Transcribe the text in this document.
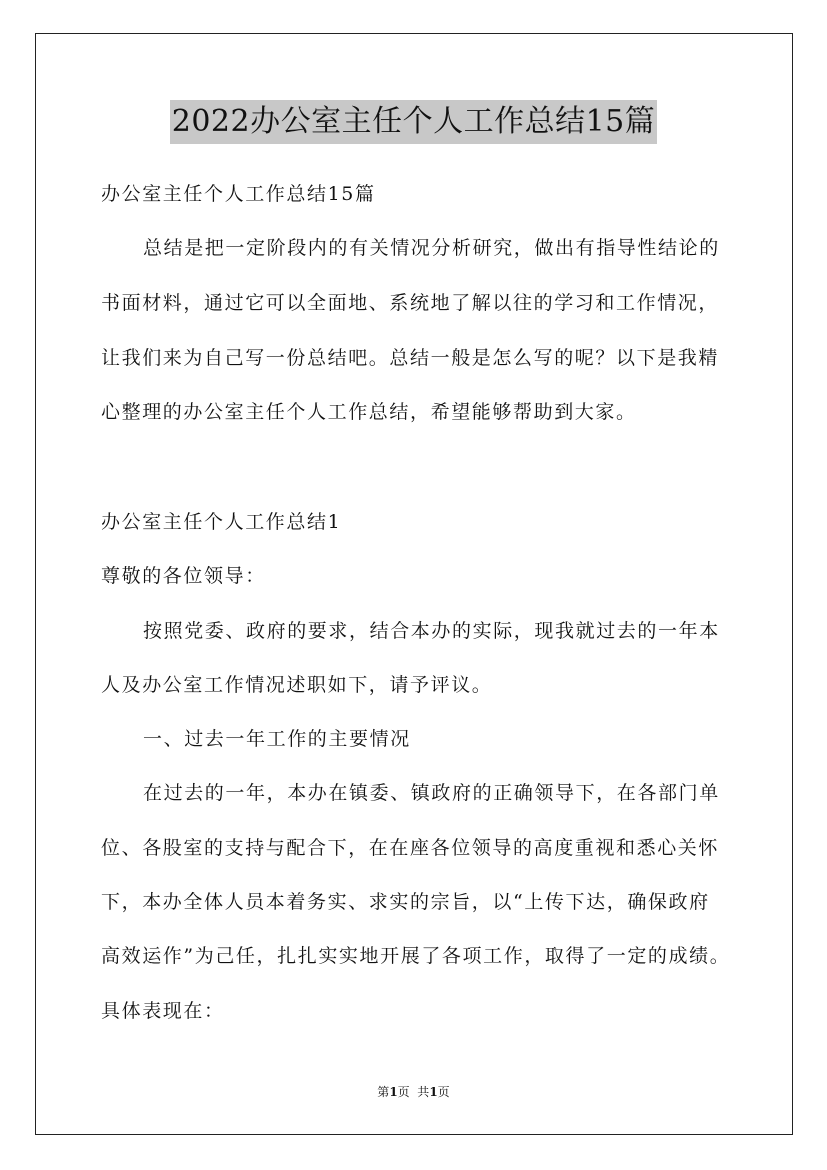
2022办公室主任个人工作总结15篇
办公室主任个人工作总结15篇
总结是把一定阶段内的有关情况分析研究，做出有指导性结论的
书面材料，通过它可以全面地、系统地了解以往的学习和工作情况，
让我们来为自己写一份总结吧。总结一般是怎么写的呢？以下是我精
心整理的办公室主任个人工作总结，希望能够帮助到大家。
办公室主任个人工作总结1
尊敬的各位领导：
按照党委、政府的要求，结合本办的实际，现我就过去的一年本
人及办公室工作情况述职如下，请予评议。
一、过去一年工作的主要情况
在过去的一年，本办在镇委、镇政府的正确领导下，在各部门单
位、各股室的支持与配合下，在在座各位领导的高度重视和悉心关怀
下，本办全体人员本着务实、求实的宗旨，以“上传下达，确保政府
高效运作”为己任，扎扎实实地开展了各项工作，取得了一定的成绩。
具体表现在：
第1页  共1页
